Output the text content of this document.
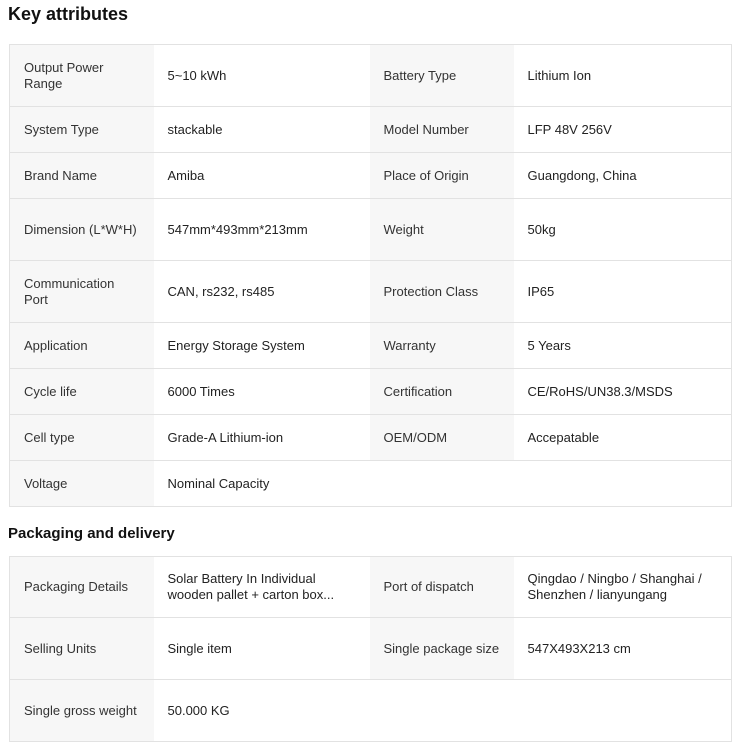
Key attributes
Output Power Range	5~10 kWh	Battery Type	Lithium Ion
System Type	stackable	Model Number	LFP 48V 256V
Brand Name	Amiba	Place of Origin	Guangdong, China
Dimension (L*W*H)	547mm*493mm*213mm	Weight	50kg
Communication Port	CAN, rs232, rs485	Protection Class	IP65
Application	Energy Storage System	Warranty	5 Years
Cycle life	6000 Times	Certification	CE/RoHS/UN38.3/MSDS
Cell type	Grade-A Lithium-ion	OEM/ODM	Accepatable
Voltage	Nominal Capacity		
Packaging and delivery
Packaging Details	Solar Battery In Individual wooden pallet + carton box...	Port of dispatch	Qingdao / Ningbo / Shanghai / Shenzhen / lianyungang
Selling Units	Single item	Single package size	547X493X213 cm
Single gross weight	50.000 KG		
